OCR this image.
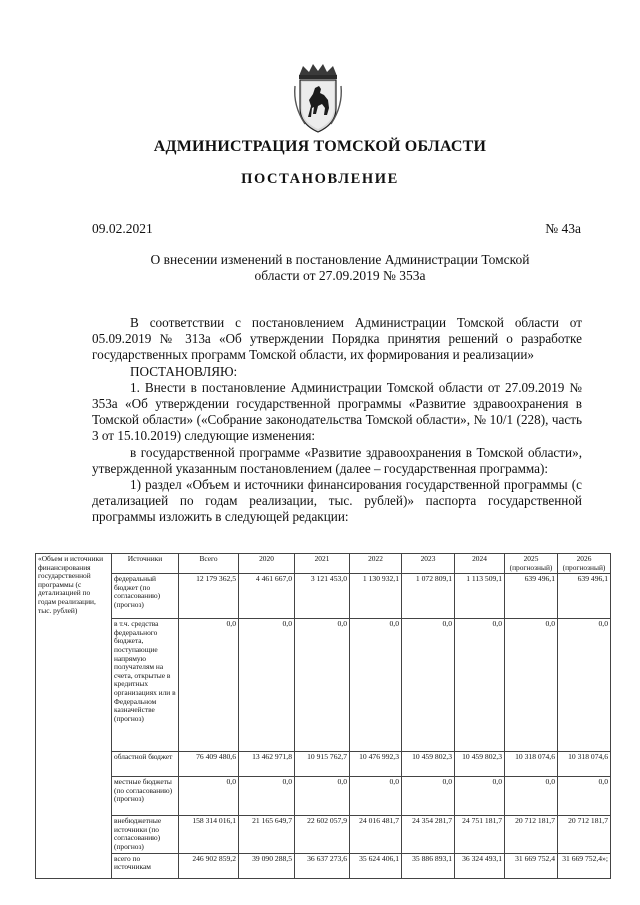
АДМИНИСТРАЦИЯ ТОМСКОЙ ОБЛАСТИ
ПОСТАНОВЛЕНИЕ
09.02.2021	№ 43а
О внесении изменений в постановление Администрации Томской области от 27.09.2019 № 353а

В соответствии с постановлением Администрации Томской области от 05.09.2019 № 313а «Об утверждении Порядка принятия решений о разработке государственных программ Томской области, их формирования и реализации»

ПОСТАНОВЛЯЮ:

1. Внести в постановление Администрации Томской области от 27.09.2019 № 353а «Об утверждении государственной программы «Развитие здравоохранения в Томской области» («Собрание законодательства Томской области», № 10/1 (228), часть 3 от 15.10.2019) следующие изменения:

в государственной программе «Развитие здравоохранения в Томской области», утвержденной указанным постановлением (далее – государственная программа):

1) раздел «Объем и источники финансирования государственной программы (с детализацией по годам реализации, тыс. рублей)» паспорта государственной программы изложить в следующей редакции:

«Объем и источники финансирования государственной программы (с детализацией по годам реализации, тыс. рублей)	Источники	Всего	2020	2021	2022	2023	2024	2025 (прогнозный)	2026 (прогнозный)
	федеральный бюджет (по согласованию) (прогноз)	12 179 362,5	4 461 667,0	3 121 453,0	1 130 932,1	1 072 809,1	1 113 509,1	639 496,1	639 496,1
	в т.ч. средства федерального бюджета, поступающие напрямую получателям на счета, открытые в кредитных организациях или в Федеральном казначействе (прогноз)	0,0	0,0	0,0	0,0	0,0	0,0	0,0	0,0
	областной бюджет	76 409 480,6	13 462 971,8	10 915 762,7	10 476 992,3	10 459 802,3	10 459 802,3	10 318 074,6	10 318 074,6
	местные бюджеты (по согласованию) (прогноз)	0,0	0,0	0,0	0,0	0,0	0,0	0,0	0,0
	внебюджетные источники (по согласованию) (прогноз)	158 314 016,1	21 165 649,7	22 602 057,9	24 016 481,7	24 354 281,7	24 751 181,7	20 712 181,7	20 712 181,7
	всего по источникам	246 902 859,2	39 090 288,5	36 637 273,6	35 624 406,1	35 886 893,1	36 324 493,1	31 669 752,4	31 669 752,4»;
